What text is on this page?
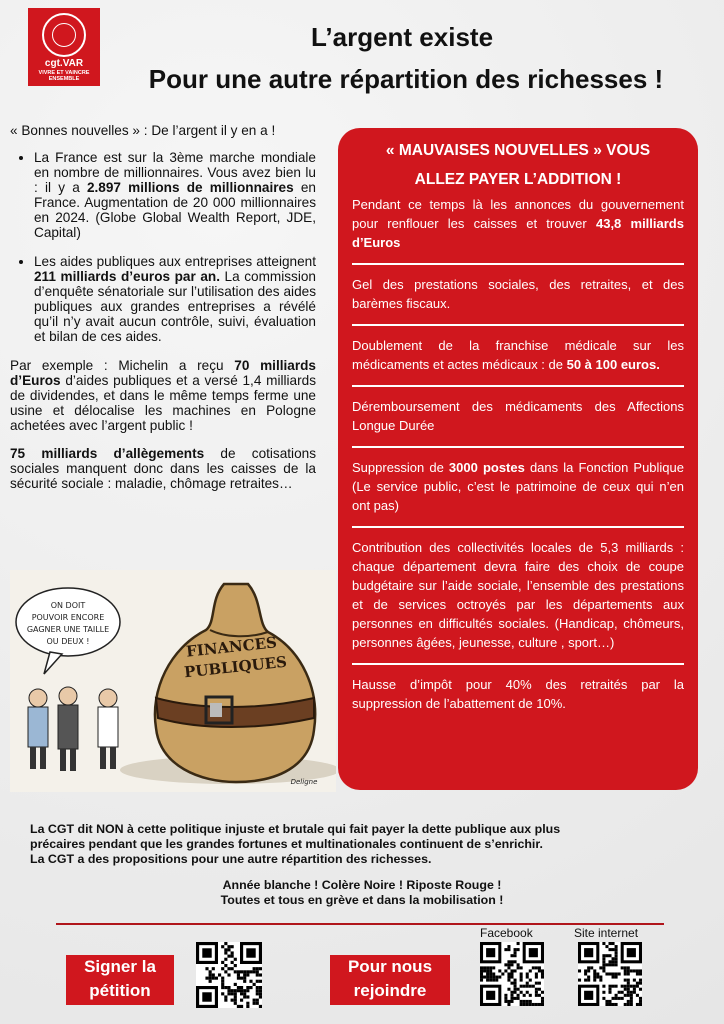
cgt.VAR
VIVRE ET VAINCRE
ENSEMBLE
L’argent existe
Pour une autre répartition des richesses !

« Bonnes nouvelles » : De l’argent il y en a !

• La France est sur la 3ème marche mondiale en nombre de millionnaires. Vous avez bien lu : il y a 2.897 millions de millionnaires en France. Augmentation de 20 000 millionnaires en 2024. (Globe Global Wealth Report, JDE, Capital)
• Les aides publiques aux entreprises atteignent 211 milliards d’euros par an. La commission d’enquête sénatoriale sur l’utilisation des aides publiques aux grandes entreprises a révélé qu’il n’y avait aucun contrôle, suivi, évaluation et bilan de ces aides.

Par exemple : Michelin a reçu 70 milliards d’Euros d’aides publiques et a versé 1,4 milliards de dividendes, et dans le même temps ferme une usine et délocalise les machines en Pologne achetées avec l’argent public !

75 milliards d’allègements de cotisations sociales manquent donc dans les caisses de la sécurité sociale : maladie, chômage retraites…

FINANCES
PUBLIQUES
ON DOIT
POUVOIR ENCORE
GAGNER UNE TAILLE
OU DEUX !
Deligne
« MAUVAISES NOUVELLES » VOUS
ALLEZ PAYER L’ADDITION !
Pendant ce temps là les annonces du gouvernement pour renflouer les caisses et trouver 43,8 milliards d’Euros
Gel des prestations sociales, des retraites, et des barèmes fiscaux.
Doublement de la franchise médicale sur les médicaments et actes médicaux : de 50 à 100 euros.
Déremboursement des médicaments des Affections Longue Durée
Suppression de 3000 postes dans la Fonction Publique (Le service public, c’est le patrimoine de ceux qui n’en ont pas)
Contribution des collectivités locales de 5,3 milliards : chaque département devra faire des choix de coupe budgétaire sur l’aide sociale, l’ensemble des prestations et de services octroyés par les départements aux personnes en difficultés sociales. (Handicap, chômeurs, personnes âgées, jeunesse, culture , sport…)
Hausse d’impôt pour 40% des retraités par la suppression de l’abattement de 10%.

La CGT dit NON à cette politique injuste et brutale qui fait payer la dette publique aux plus

précaires pendant que les grandes fortunes et multinationales continuent de s’enrichir.

La CGT a des propositions pour une autre répartition des richesses.

Année blanche ! Colère Noire ! Riposte Rouge !

Toutes et tous en grève et dans la mobilisation !

Signer la
pétition
Pour nous
rejoindre
Facebook	Site internet
